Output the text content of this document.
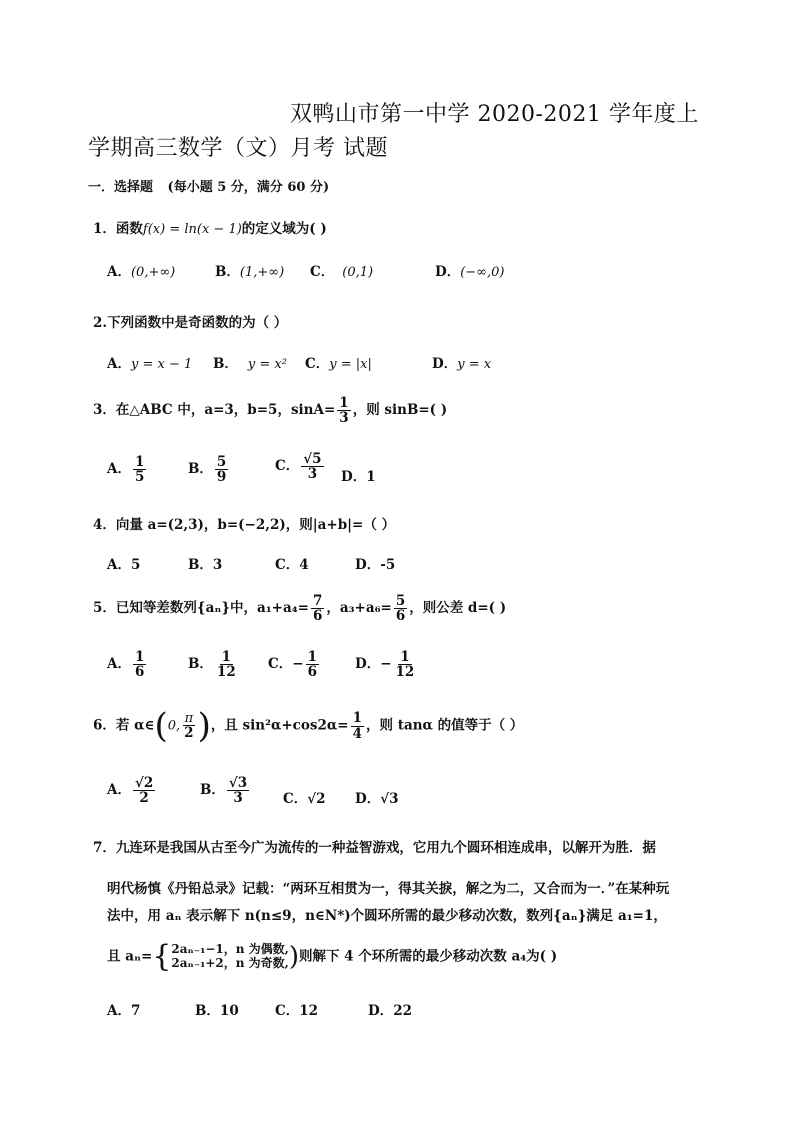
双鸭山市第一中学 2020-2021 学年度上
学期高三数学（文）月考 试题
一．选择题 (每小题 5 分，满分 60 分)
1．函数f(x) = ln(x − 1)的定义域为( )
A．(0,+∞)	B．(1,+∞) C． (0,1)	D．(−∞,0)
2.下列函数中是奇函数的为（ ）
A．y = x − 1 B． y = x² C．y = |x|	D．y = x
3．在△ABC 中，a=3，b=5，$\sin A= \frac{1}{3}$ ，则 sinB=( )
A． $\frac{1}{5}$	B． $\frac{5}{9}$	C． $\frac{√5}{3}$ D．1
4．向量 a=(2,3)，b=(−2,2)，则|a+b|=（ ）
A．5	B．3	C．4	D．-5
5．已知等差数列{aₙ}中，$a_1+a_4= \frac{7}{6}$ ，$a_3+a_6= \frac{5}{6}$ ，则公差 d=( )
A． $\frac{1}{6}$	B． $\frac{1}{12}$ C．− $\frac{1}{6}$	D．− $\frac{1}{12}$
6．若 α∈(0, $\frac{\pi}{2}$ )，且 $\sin^2\alpha+\cos 2\alpha= \frac{1}{4}$ ，则 tanα 的值等于（ ）
A． $\frac{√2}{2}$	B． $\frac{√3}{3}$	C．√2 D．√3
7．九连环是我国从古至今广为流传的一种益智游戏，它用九个圆环相连成串，以解开为胜．据
明代杨慎《丹铅总录》记载：“两环互相贯为一，得其关捩，解之为二，又合而为一．”在某种玩
法中，用 aₙ 表示解下 n(n≤9，n∈N*)个圆环所需的最少移动次数，数列{aₙ}满足 a₁=1，
且 aₙ={ 2aₙ₋₁−1，n 为偶数,
2aₙ₋₁+2，n 为奇数, )则解下 4 个环所需的最少移动次数 a₄为( )
A．7	B．10	C．12	D．22
